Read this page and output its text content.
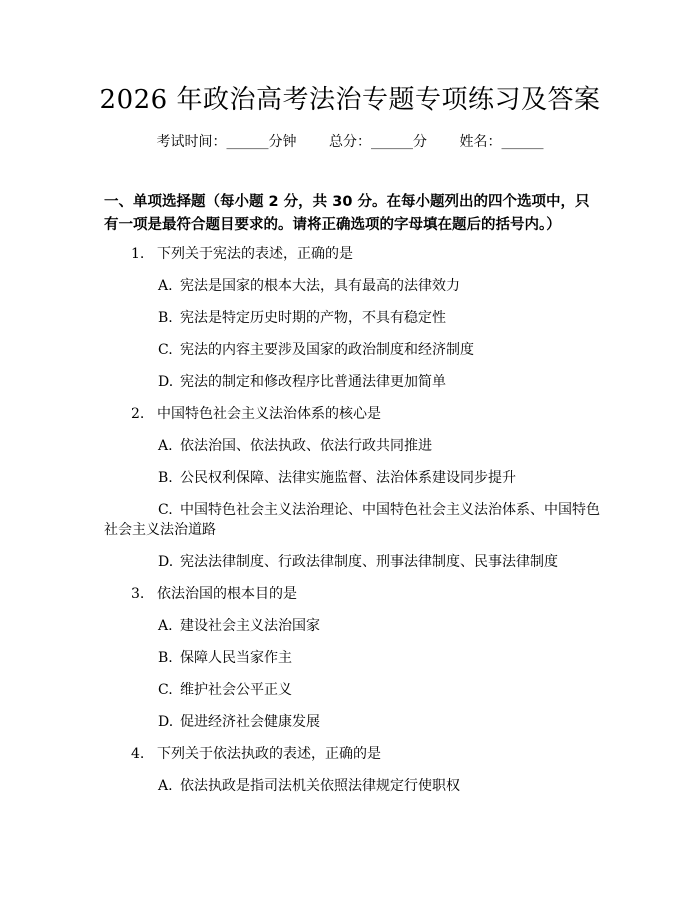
2026 年政治高考法治专题专项练习及答案
考试时间：______分钟 总分：______分 姓名：______
一、单项选择题（每小题 2 分，共 30 分。在每小题列出的四个选项中，只有一项是最符合题目要求的。请将正确选项的字母填在题后的括号内。）
1. 下列关于宪法的表述，正确的是
A. 宪法是国家的根本大法，具有最高的法律效力
B. 宪法是特定历史时期的产物，不具有稳定性
C. 宪法的内容主要涉及国家的政治制度和经济制度
D. 宪法的制定和修改程序比普通法律更加简单
2. 中国特色社会主义法治体系的核心是
A. 依法治国、依法执政、依法行政共同推进
B. 公民权利保障、法律实施监督、法治体系建设同步提升
C. 中国特色社会主义法治理论、中国特色社会主义法治体系、中国特色
社会主义法治道路
D. 宪法法律制度、行政法律制度、刑事法律制度、民事法律制度
3. 依法治国的根本目的是
A. 建设社会主义法治国家
B. 保障人民当家作主
C. 维护社会公平正义
D. 促进经济社会健康发展
4. 下列关于依法执政的表述，正确的是
A. 依法执政是指司法机关依照法律规定行使职权
